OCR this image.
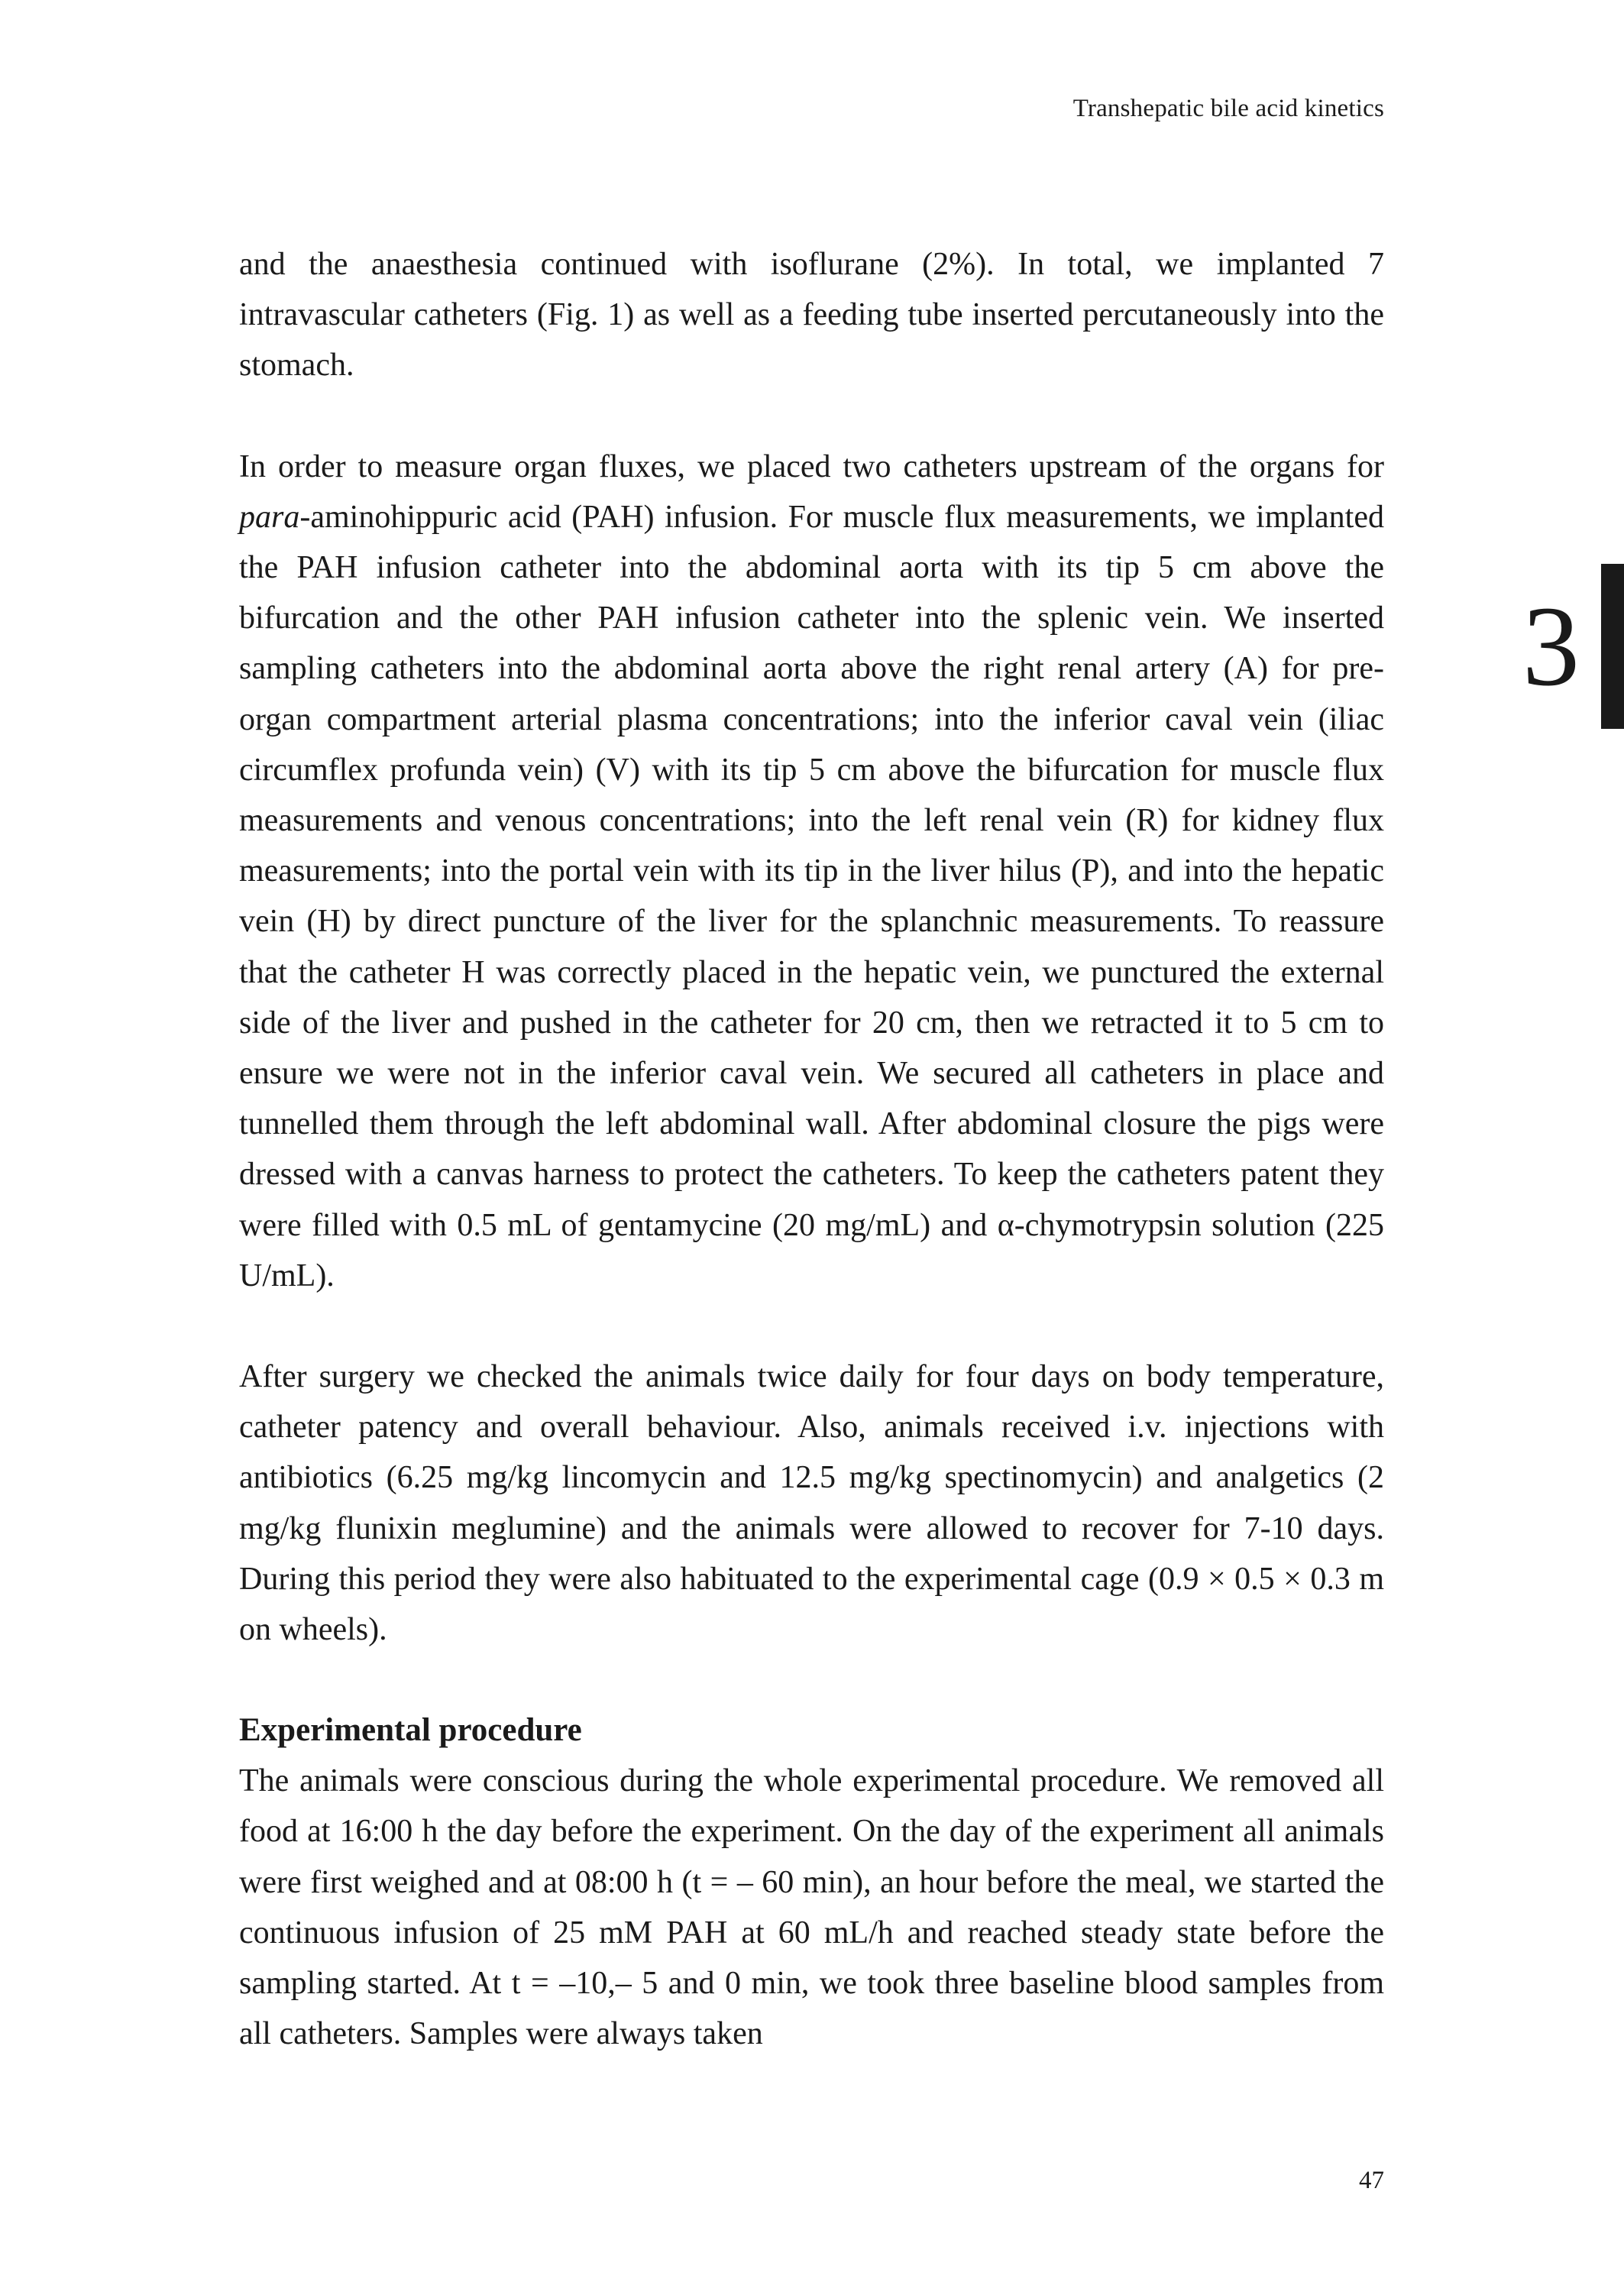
Transhepatic bile acid kinetics
3

and the anaesthesia continued with isoflurane (2%). In total, we implanted 7 intravascular catheters (Fig. 1) as well as a feeding tube inserted percutaneously into the stomach.

In order to measure organ fluxes, we placed two catheters upstream of the organs for para-aminohippuric acid (PAH) infusion. For muscle flux measurements, we implanted the PAH infusion catheter into the abdominal aorta with its tip 5 cm above the bifurcation and the other PAH infusion catheter into the splenic vein. We inserted sampling catheters into the abdominal aorta above the right renal artery (A) for pre-organ compartment arterial plasma concentrations; into the inferior caval vein (iliac circumflex profunda vein) (V) with its tip 5 cm above the bifurcation for muscle flux measurements and venous concentrations; into the left renal vein (R) for kidney flux measurements; into the portal vein with its tip in the liver hilus (P), and into the hepatic vein (H) by direct puncture of the liver for the splanchnic measurements. To reassure that the catheter H was correctly placed in the hepatic vein, we punctured the external side of the liver and pushed in the catheter for 20 cm, then we retracted it to 5 cm to ensure we were not in the inferior caval vein. We secured all catheters in place and tunnelled them through the left abdominal wall. After abdominal closure the pigs were dressed with a canvas harness to protect the catheters. To keep the catheters patent they were filled with 0.5 mL of gentamycine (20 mg/mL) and α-chymotrypsin solution (225 U/mL).

After surgery we checked the animals twice daily for four days on body temperature, catheter patency and overall behaviour. Also, animals received i.v. injections with antibiotics (6.25 mg/kg lincomycin and 12.5 mg/kg spectinomycin) and analgetics (2 mg/kg flunixin meglumine) and the animals were allowed to recover for 7-10 days. During this period they were also habituated to the experimental cage (0.9 × 0.5 × 0.3 m on wheels).

Experimental procedure

The animals were conscious during the whole experimental procedure. We removed all food at 16:00 h the day before the experiment. On the day of the experiment all animals were first weighed and at 08:00 h (t = – 60 min), an hour before the meal, we started the continuous infusion of 25 mM PAH at 60 mL/h and reached steady state before the sampling started. At t = –10,– 5 and 0 min, we took three baseline blood samples from all catheters. Samples were always taken

47
